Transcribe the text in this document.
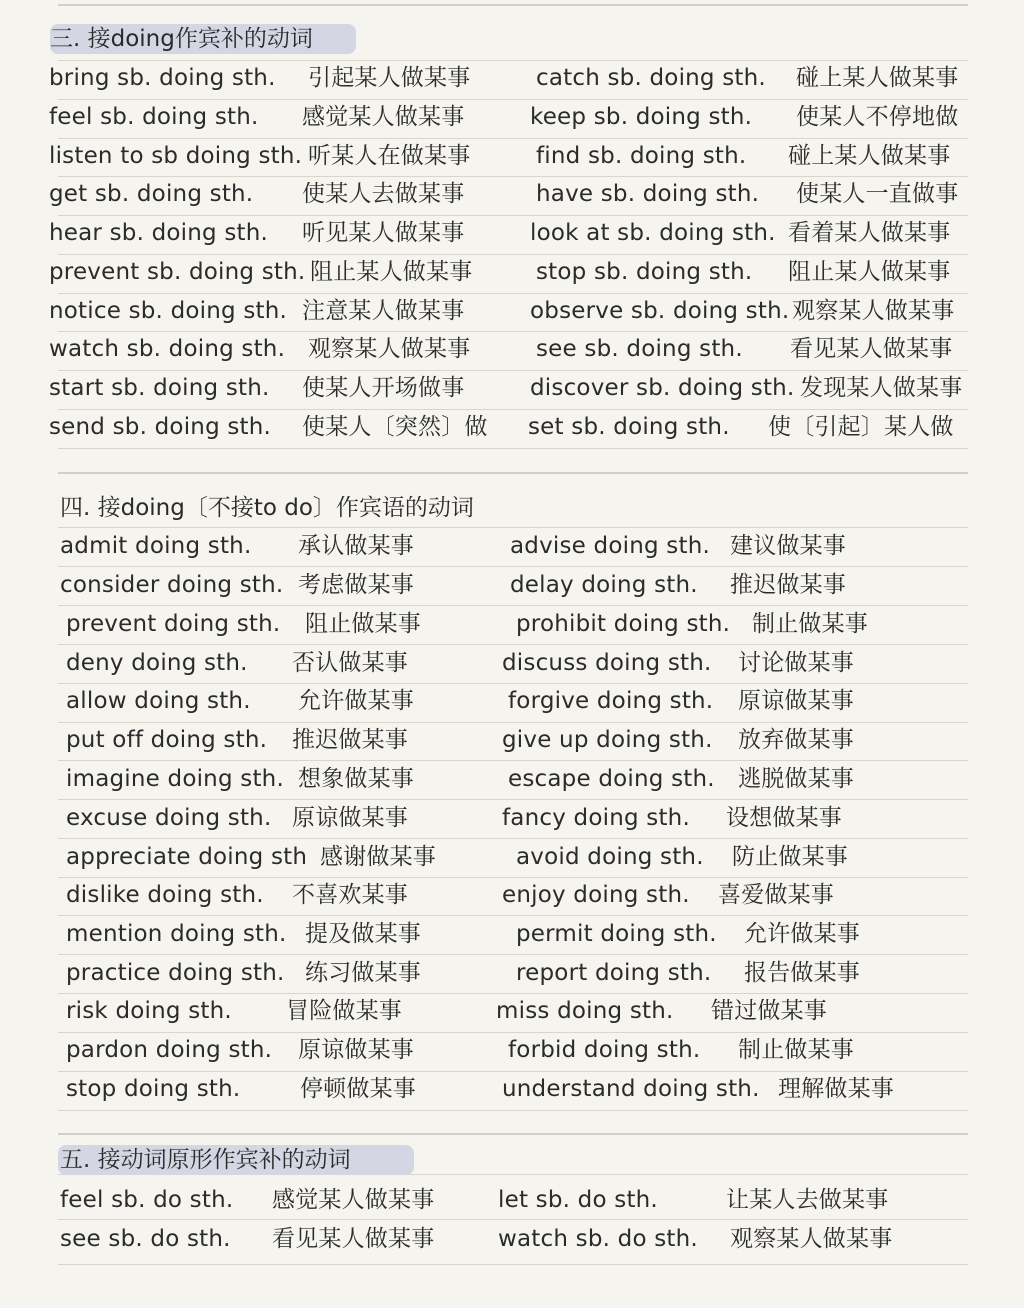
三. 接doing作宾补的动词
bring sb. doing sth. 引起某人做某事	catch sb. doing sth. 碰上某人做某事
feel sb. doing sth. 感觉某人做某事	keep sb. doing sth. 使某人不停地做
listen to sb doing sth. 听某人在做某事	find sb. doing sth. 碰上某人做某事
get sb. doing sth. 使某人去做某事	have sb. doing sth. 使某人一直做事
hear sb. doing sth. 听见某人做某事	look at sb. doing sth. 看着某人做某事
prevent sb. doing sth. 阻止某人做某事	stop sb. doing sth. 阻止某人做某事
notice sb. doing sth. 注意某人做某事	observe sb. doing sth. 观察某人做某事
watch sb. doing sth. 观察某人做某事	see sb. doing sth. 看见某人做某事
start sb. doing sth. 使某人开场做事	discover sb. doing sth. 发现某人做某事
send sb. doing sth. 使某人〔突然〕做 set sb. doing sth. 使〔引起〕某人做
四. 接doing〔不接to do〕作宾语的动词
admit doing sth. 承认做某事	advise doing sth. 建议做某事
consider doing sth. 考虑做某事	delay doing sth. 推迟做某事
prevent doing sth. 阻止做某事	prohibit doing sth. 制止做某事
deny doing sth. 否认做某事	discuss doing sth. 讨论做某事
allow doing sth. 允许做某事	forgive doing sth. 原谅做某事
put off doing sth. 推迟做某事	give up doing sth. 放弃做某事
imagine doing sth. 想象做某事	escape doing sth. 逃脱做某事
excuse doing sth. 原谅做某事	fancy doing sth. 设想做某事
appreciate doing sth 感谢做某事	avoid doing sth. 防止做某事
dislike doing sth. 不喜欢某事	enjoy doing sth. 喜爱做某事
mention doing sth. 提及做某事	permit doing sth. 允许做某事
practice doing sth. 练习做某事	report doing sth. 报告做某事
risk doing sth. 冒险做某事	miss doing sth. 错过做某事
pardon doing sth. 原谅做某事	forbid doing sth. 制止做某事
stop doing sth.	停顿做某事	understand doing sth. 理解做某事
五. 接动词原形作宾补的动词
feel sb. do sth. 感觉某人做某事	let sb. do sth.	让某人去做某事
see sb. do sth. 看见某人做某事	watch sb. do sth. 观察某人做某事
